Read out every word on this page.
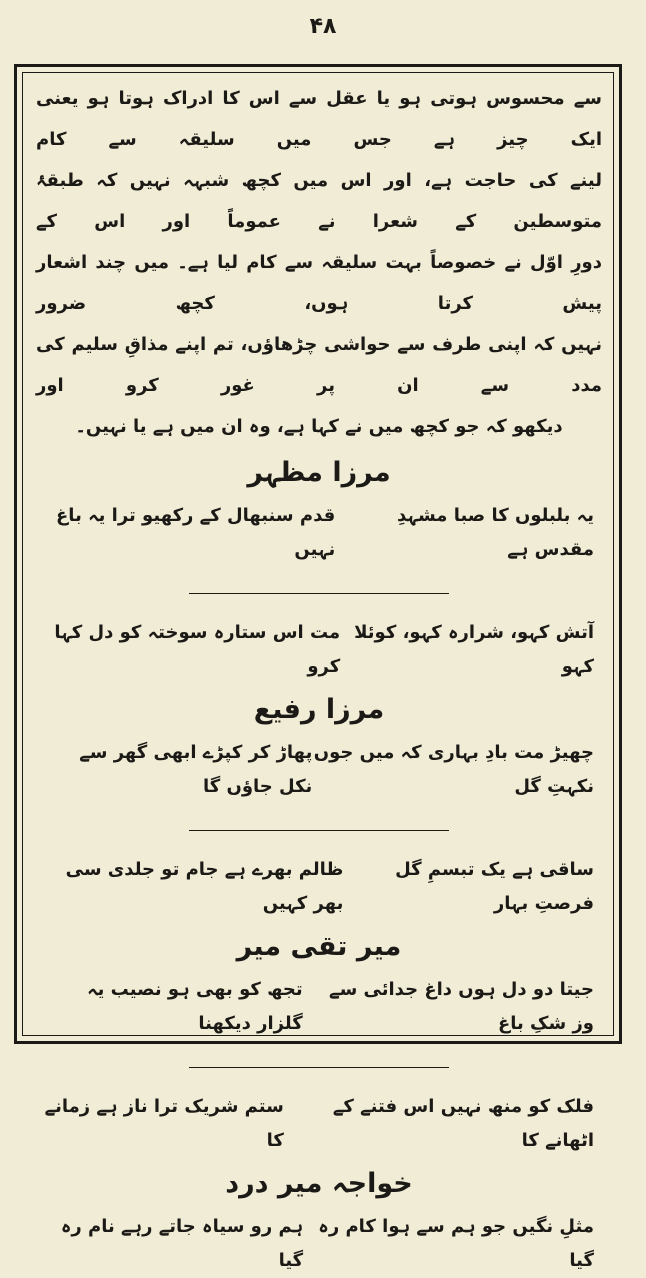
۴۸

سے محسوس ہوتی ہو یا عقل سے اس کا ادراک ہوتا ہو یعنی ایک چیز ہے جس میں سلیقہ سے کام

لینے کی حاجت ہے، اور اس میں کچھ شبہہ نہیں کہ طبقۂ متوسطین کے شعرا نے عموماً اور اس کے

دورِ اوّل نے خصوصاً بہت سلیقہ سے کام لیا ہے۔ میں چند اشعار پیش کرتا ہوں، کچھ ضرور

نہیں کہ اپنی طرف سے حواشی چڑھاؤں، تم اپنے مذاقِ سلیم کی مدد سے ان پر غور کرو اور

دیکھو کہ جو کچھ میں نے کہا ہے، وہ ان میں ہے یا نہیں۔

مرزا مظہر
یہ بلبلوں کا صبا مشہدِ مقدس ہے
قدم سنبھال کے رکھیو ترا یہ باغ نہیں
آتش کہو، شرارہ کہو، کوئلا کہو
مت اس ستارہ سوختہ کو دل کہا کرو
مرزا رفیع
چھیڑ مت بادِ بہاری کہ میں جوں نکہتِ گل
پھاڑ کر کپڑے ابھی گھر سے نکل جاؤں گا
ساقی ہے یک تبسمِ گل فرصتِ بہار
ظالم بھرے ہے جام تو جلدی سی بھر کہیں
میر تقی میر
جیتا دو دل ہوں داغ جدائی سے وز شکِ باغ
تجھ کو بھی ہو نصیب یہ گلزار دیکھنا
فلک کو منھ نہیں اس فتنے کے اٹھانے کا
ستم شریک ترا ناز ہے زمانے کا
خواجہ میر درد
مثلِ نگیں جو ہم سے ہوا کام رہ گیا
ہم رو سیاہ جاتے رہے نام رہ گیا
